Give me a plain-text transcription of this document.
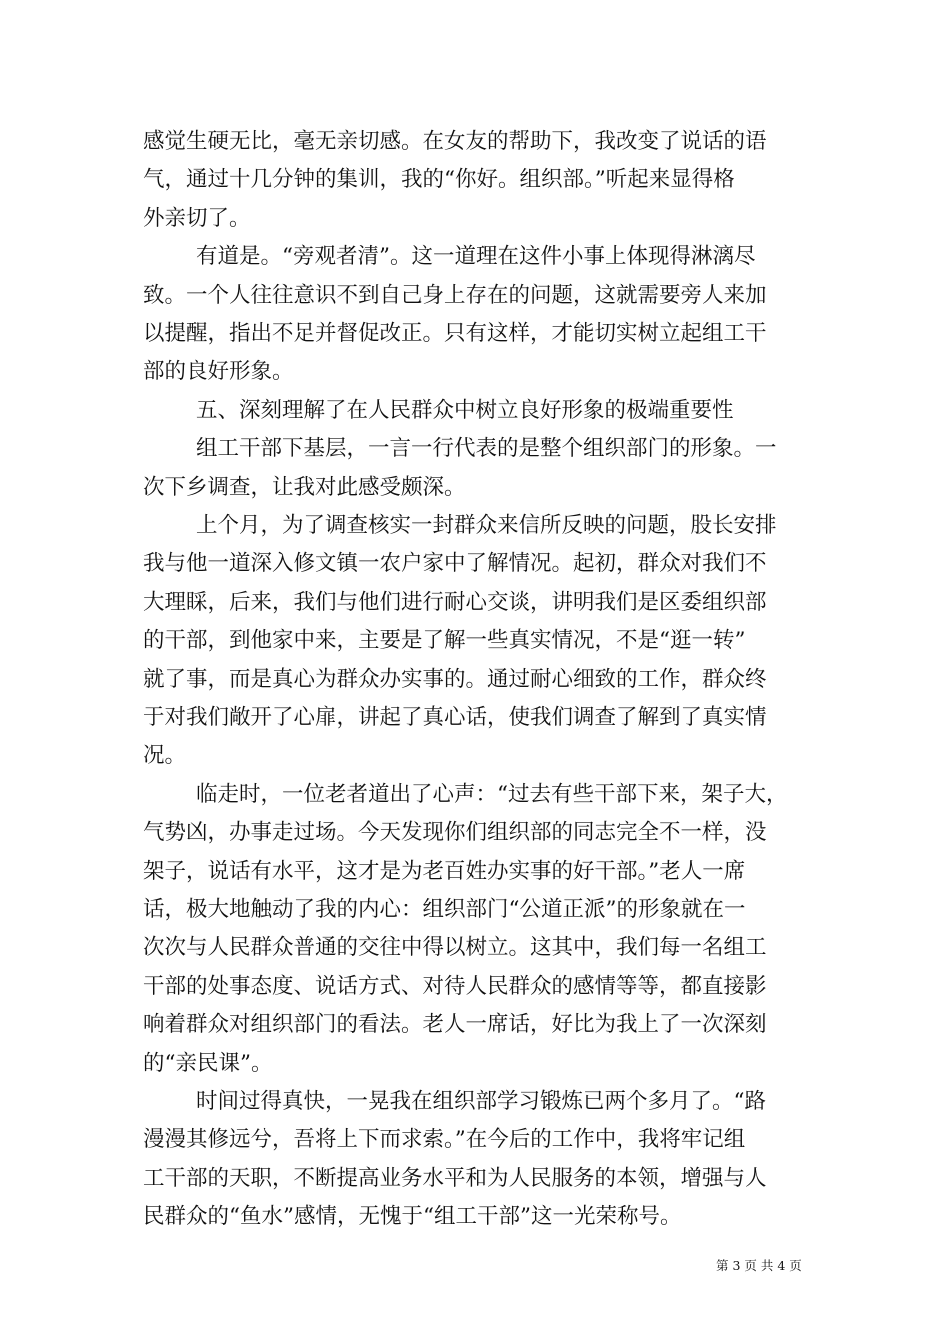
感觉生硬无比，毫无亲切感。在女友的帮助下，我改变了说话的语
气，通过十几分钟的集训，我的“你好。组织部。”听起来显得格
外亲切了。
有道是。“旁观者清”。这一道理在这件小事上体现得淋漓尽
致。一个人往往意识不到自己身上存在的问题，这就需要旁人来加
以提醒，指出不足并督促改正。只有这样，才能切实树立起组工干
部的良好形象。
五、深刻理解了在人民群众中树立良好形象的极端重要性
组工干部下基层，一言一行代表的是整个组织部门的形象。一
次下乡调查，让我对此感受颇深。
上个月，为了调查核实一封群众来信所反映的问题，股长安排
我与他一道深入修文镇一农户家中了解情况。起初，群众对我们不
大理睬，后来，我们与他们进行耐心交谈，讲明我们是区委组织部
的干部，到他家中来，主要是了解一些真实情况，不是“逛一转”
就了事，而是真心为群众办实事的。通过耐心细致的工作，群众终
于对我们敞开了心扉，讲起了真心话，使我们调查了解到了真实情
况。
临走时，一位老者道出了心声：“过去有些干部下来，架子大，
气势凶，办事走过场。今天发现你们组织部的同志完全不一样，没
架子，说话有水平，这才是为老百姓办实事的好干部。”老人一席
话，极大地触动了我的内心：组织部门“公道正派”的形象就在一
次次与人民群众普通的交往中得以树立。这其中，我们每一名组工
干部的处事态度、说话方式、对待人民群众的感情等等，都直接影
响着群众对组织部门的看法。老人一席话，好比为我上了一次深刻
的“亲民课”。
时间过得真快，一晃我在组织部学习锻炼已两个多月了。“路
漫漫其修远兮，吾将上下而求索。”在今后的工作中，我将牢记组
工干部的天职，不断提高业务水平和为人民服务的本领，增强与人
民群众的“鱼水”感情，无愧于“组工干部”这一光荣称号。
第 3 页 共 4 页
